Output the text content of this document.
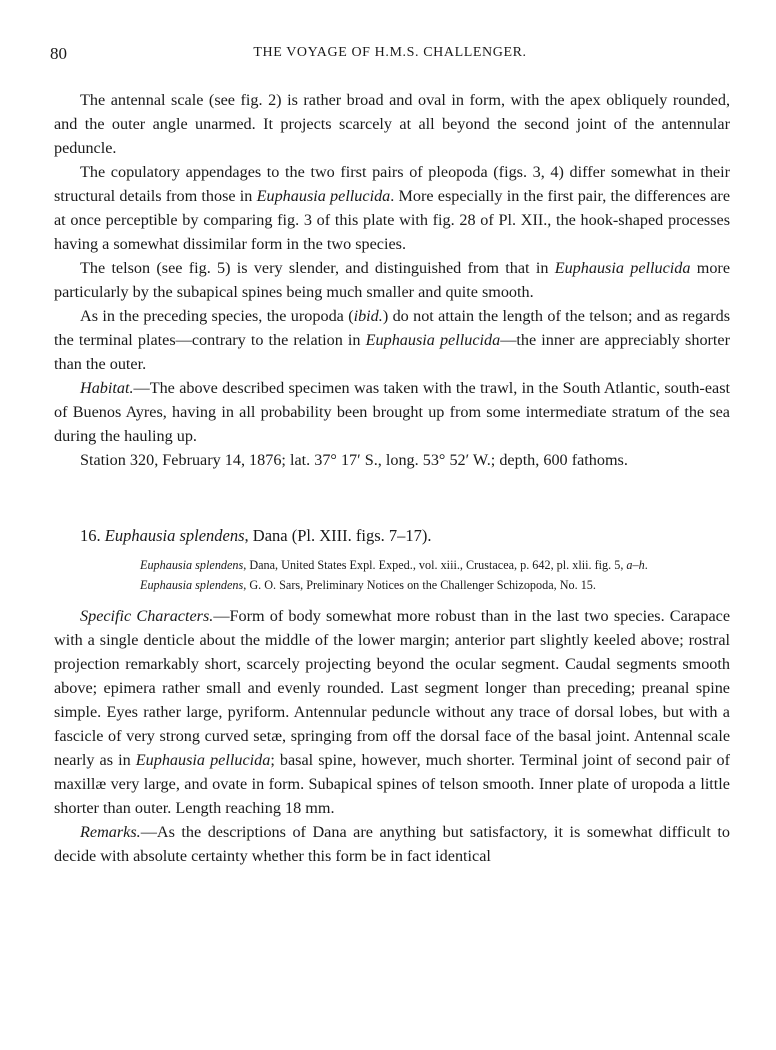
80	THE VOYAGE OF H.M.S. CHALLENGER.

The antennal scale (see fig. 2) is rather broad and oval in form, with the apex obliquely rounded, and the outer angle unarmed. It projects scarcely at all beyond the second joint of the antennular peduncle.

The copulatory appendages to the two first pairs of pleopoda (figs. 3, 4) differ somewhat in their structural details from those in Euphausia pellucida. More especially in the first pair, the differences are at once perceptible by comparing fig. 3 of this plate with fig. 28 of Pl. XII., the hook-shaped processes having a somewhat dissimilar form in the two species.

The telson (see fig. 5) is very slender, and distinguished from that in Euphausia pellucida more particularly by the subapical spines being much smaller and quite smooth.

As in the preceding species, the uropoda (ibid.) do not attain the length of the telson; and as regards the terminal plates—contrary to the relation in Euphausia pellucida—the inner are appreciably shorter than the outer.

Habitat.—The above described specimen was taken with the trawl, in the South Atlantic, south-east of Buenos Ayres, having in all probability been brought up from some intermediate stratum of the sea during the hauling up.

Station 320, February 14, 1876; lat. 37° 17′ S., long. 53° 52′ W.; depth, 600 fathoms.

16. Euphausia splendens, Dana (Pl. XIII. figs. 7–17).

Euphausia splendens, Dana, United States Expl. Exped., vol. xiii., Crustacea, p. 642, pl. xlii. fig. 5, a–h.

Euphausia splendens, G. O. Sars, Preliminary Notices on the Challenger Schizopoda, No. 15.

Specific Characters.—Form of body somewhat more robust than in the last two species. Carapace with a single denticle about the middle of the lower margin; anterior part slightly keeled above; rostral projection remarkably short, scarcely projecting beyond the ocular segment. Caudal segments smooth above; epimera rather small and evenly rounded. Last segment longer than preceding; preanal spine simple. Eyes rather large, pyriform. Antennular peduncle without any trace of dorsal lobes, but with a fascicle of very strong curved setæ, springing from off the dorsal face of the basal joint. Antennal scale nearly as in Euphausia pellucida; basal spine, however, much shorter. Terminal joint of second pair of maxillæ very large, and ovate in form. Subapical spines of telson smooth. Inner plate of uropoda a little shorter than outer. Length reaching 18 mm.

Remarks.—As the descriptions of Dana are anything but satisfactory, it is somewhat difficult to decide with absolute certainty whether this form be in fact identical
